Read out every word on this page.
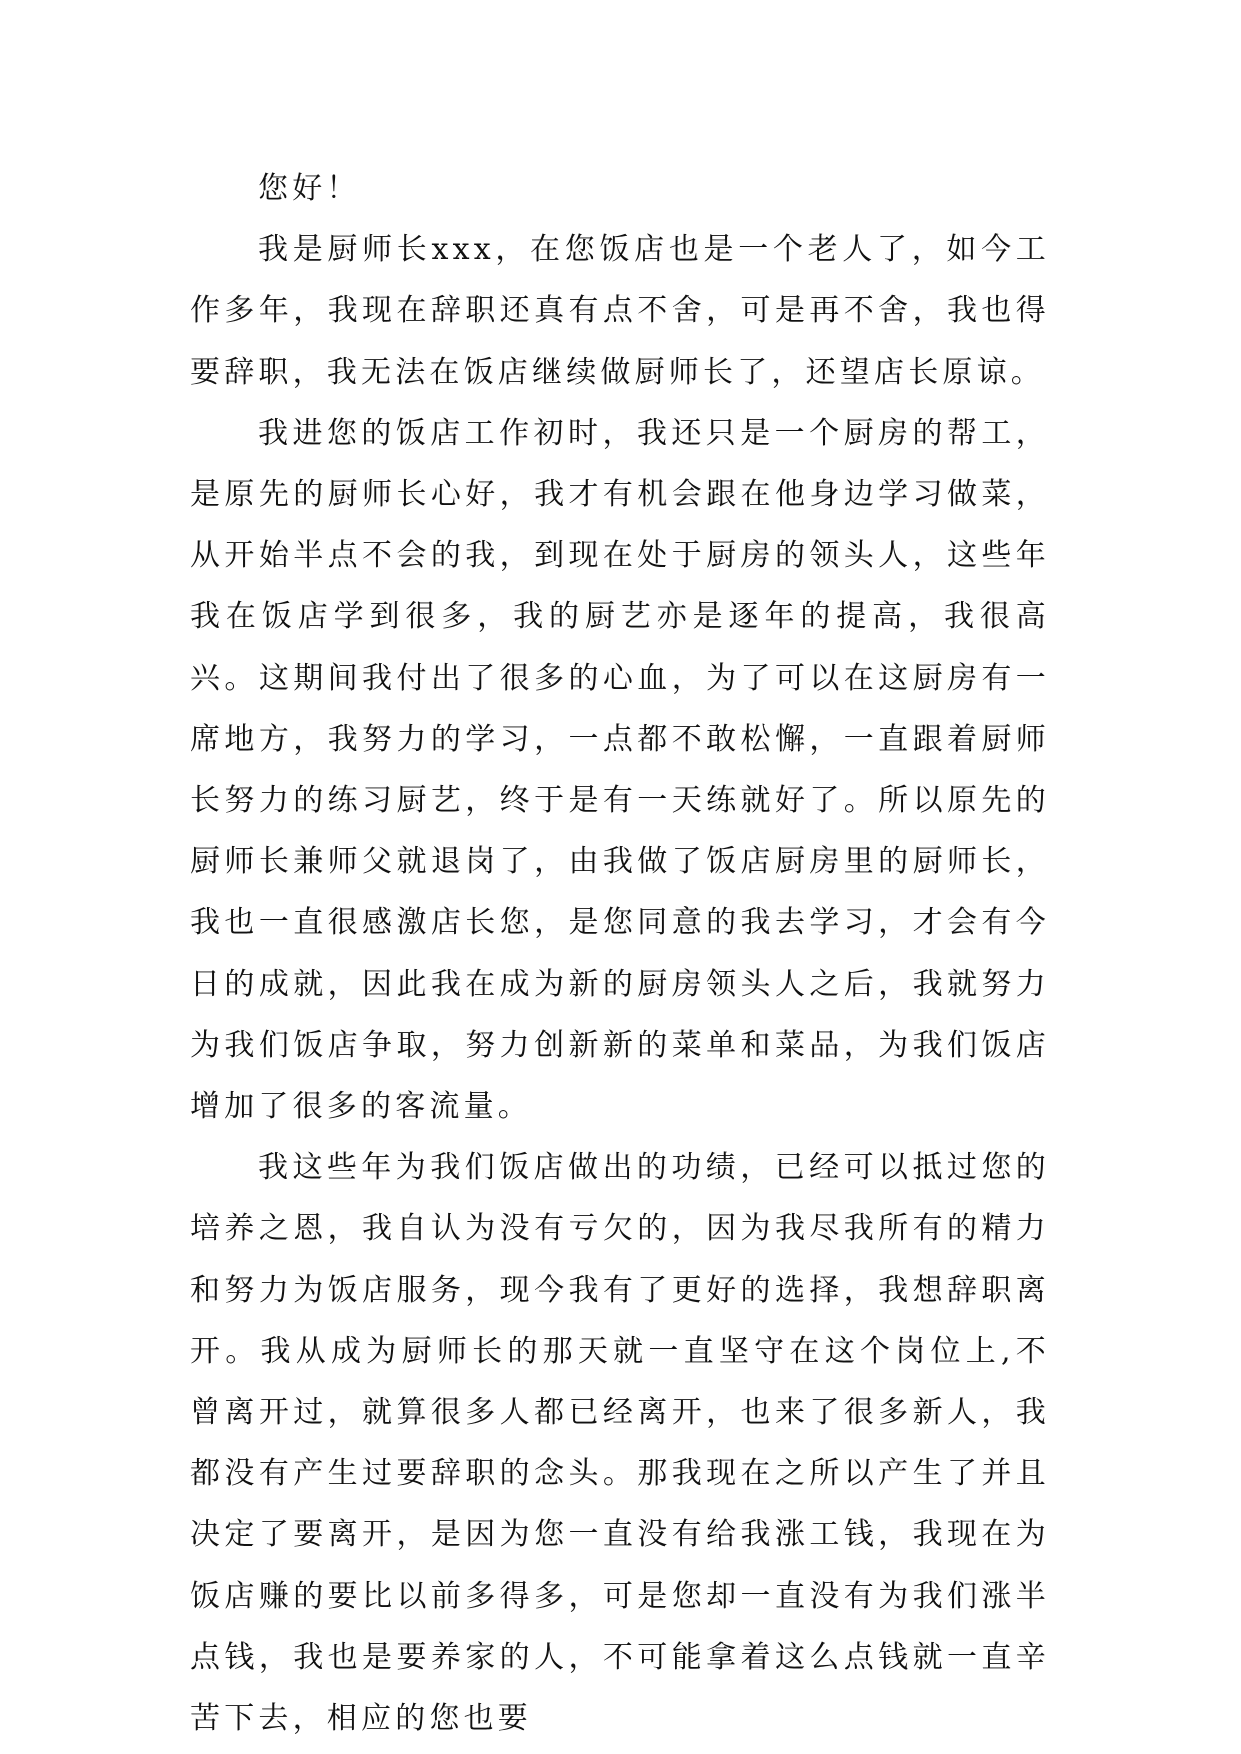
您好！

我是厨师长xxx，在您饭店也是一个老人了，如今工作多年，我现在辞职还真有点不舍，可是再不舍，我也得要辞职，我无法在饭店继续做厨师长了，还望店长原谅。

我进您的饭店工作初时，我还只是一个厨房的帮工，是原先的厨师长心好，我才有机会跟在他身边学习做菜，从开始半点不会的我，到现在处于厨房的领头人，这些年我在饭店学到很多，我的厨艺亦是逐年的提高，我很高兴。这期间我付出了很多的心血，为了可以在这厨房有一席地方，我努力的学习，一点都不敢松懈，一直跟着厨师长努力的练习厨艺，终于是有一天练就好了。所以原先的厨师长兼师父就退岗了，由我做了饭店厨房里的厨师长，我也一直很感激店长您，是您同意的我去学习，才会有今日的成就，因此我在成为新的厨房领头人之后，我就努力为我们饭店争取，努力创新新的菜单和菜品，为我们饭店增加了很多的客流量。

我这些年为我们饭店做出的功绩，已经可以抵过您的培养之恩，我自认为没有亏欠的，因为我尽我所有的精力和努力为饭店服务，现今我有了更好的选择，我想辞职离开。我从成为厨师长的那天就一直坚守在这个岗位上,不曾离开过，就算很多人都已经离开，也来了很多新人，我都没有产生过要辞职的念头。那我现在之所以产生了并且决定了要离开，是因为您一直没有给我涨工钱，我现在为饭店赚的要比以前多得多，可是您却一直没有为我们涨半点钱，我也是要养家的人，不可能拿着这么点钱就一直辛苦下去，相应的您也要
